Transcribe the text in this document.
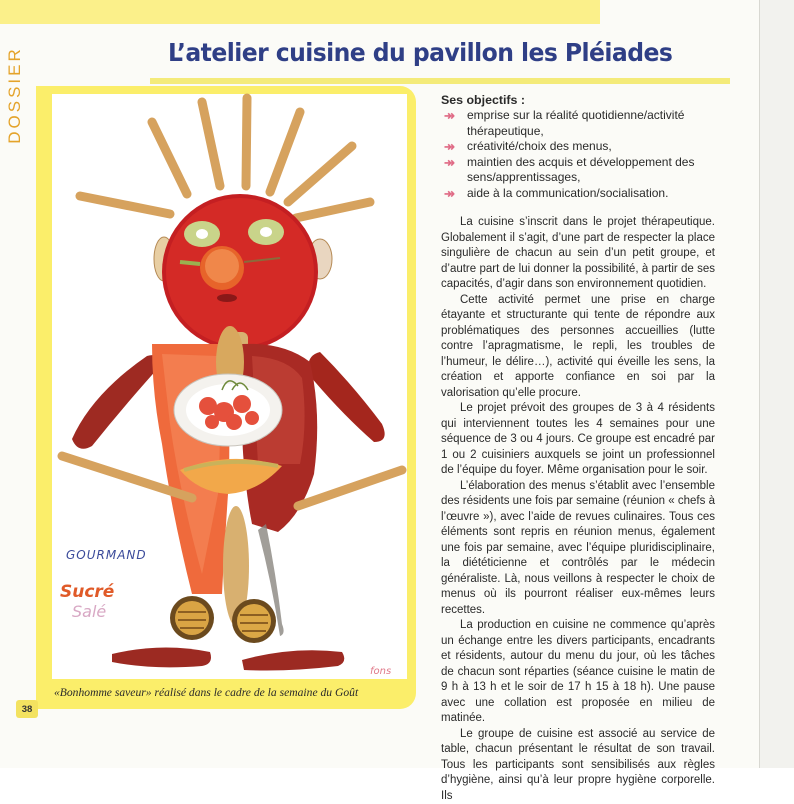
DOSSIER	L’atelier cuisine du pavillon les Pléiades
GOURMAND
Sucré
Salé
fons

«Bonhomme saveur» réalisé dans le cadre de la semaine du Goût

38
Ses objectifs :
↠ emprise sur la réalité quotidienne/activité thérapeutique,
↠ créativité/choix des menus,
↠ maintien des acquis et développement des sens/apprentissages,
↠ aide à la communication/socialisation.

La cuisine s’inscrit dans le projet thérapeutique. Globalement il s’agit, d’une part de respecter la place singulière de chacun au sein d’un petit groupe, et d’autre part de lui donner la possibilité, à partir de ses capacités, d’agir dans son environnement quotidien.

Cette activité permet une prise en charge étayante et structurante qui tente de répondre aux problématiques des personnes accueillies (lutte contre l’apragmatisme, le repli, les troubles de l’humeur, le délire…), activité qui éveille les sens, la création et apporte confiance en soi par la valorisation qu’elle procure.

Le projet prévoit des groupes de 3 à 4 résidents qui interviennent toutes les 4 semaines pour une séquence de 3 ou 4 jours. Ce groupe est encadré par 1 ou 2 cuisiniers auxquels se joint un professionnel de l’équipe du foyer. Même organisation pour le soir.

L’élaboration des menus s’établit avec l’ensemble des résidents une fois par semaine (réunion « chefs à l’œuvre »), avec l’aide de revues culinaires. Tous ces éléments sont repris en réunion menus, également une fois par semaine, avec l’équipe pluridisciplinaire, la diététicienne et contrôlés par le médecin généraliste. Là, nous veillons à respecter le choix de menus où ils pourront réaliser eux-mêmes leurs recettes.

La production en cuisine ne commence qu’après un échange entre les divers participants, encadrants et résidents, autour du menu du jour, où les tâches de chacun sont réparties (séance cuisine le matin de 9 h à 13 h et le soir de 17 h 15 à 18 h). Une pause avec une collation est proposée en milieu de matinée.

Le groupe de cuisine est associé au service de table, chacun présentant le résultat de son travail. Tous les participants sont sensibilisés aux règles d’hygiène, ainsi qu’à leur propre hygiène corporelle. Ils
